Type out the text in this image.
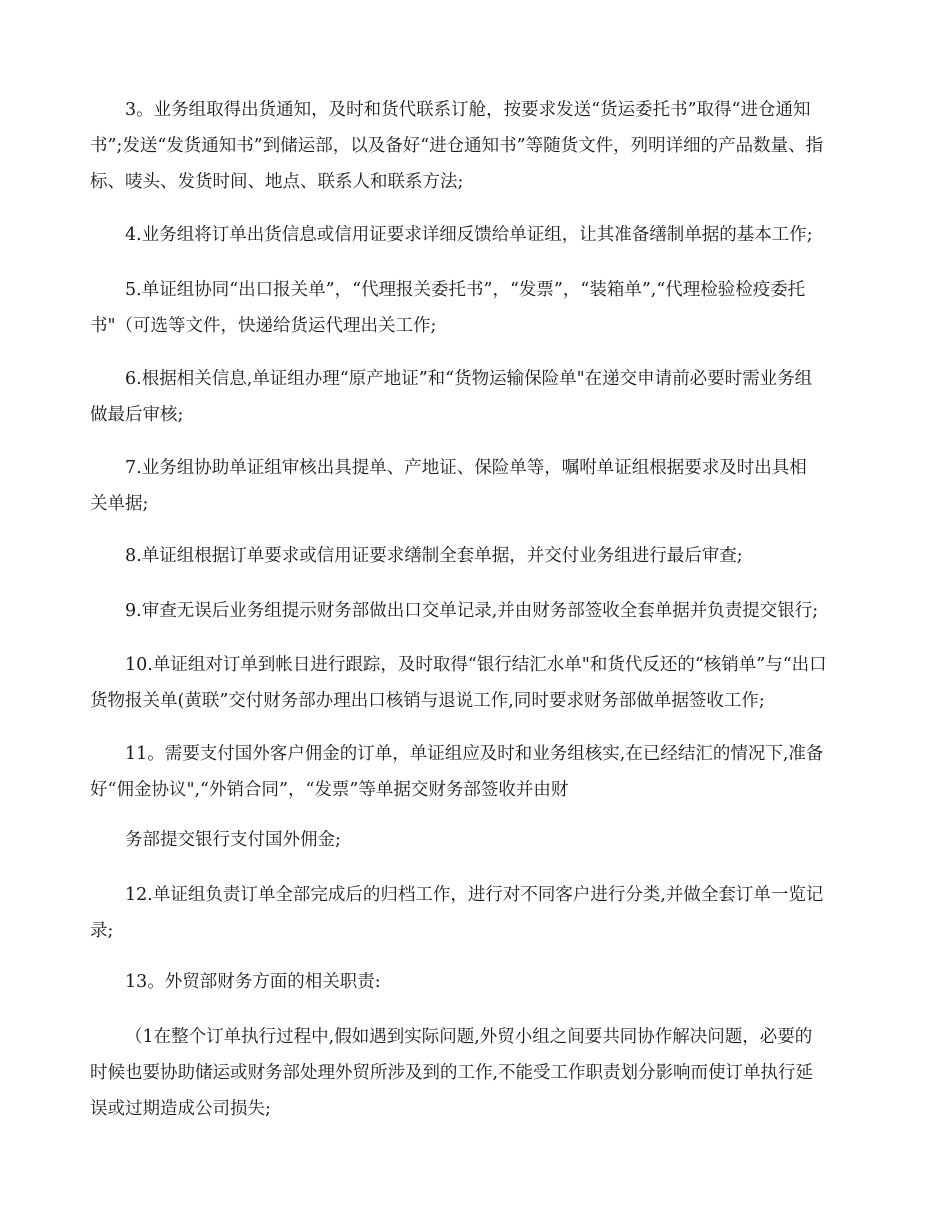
3。业务组取得出货通知，及时和货代联系订舱，按要求发送“货运委托书”取得“进仓通知
书”;发送“发货通知书”到储运部，以及备好“进仓通知书”等随货文件，列明详细的产品数量、指
标、唛头、发货时间、地点、联系人和联系方法;
4.业务组将订单出货信息或信用证要求详细反馈给单证组，让其准备缮制单据的基本工作;
5.单证组协同“出口报关单”，“代理报关委托书”，“发票”，“装箱单”,“代理检验检疫委托
书"（可选等文件，快递给货运代理出关工作;
6.根据相关信息,单证组办理“原产地证”和“货物运输保险单"在递交申请前必要时需业务组
做最后审核;
7.业务组协助单证组审核出具提单、产地证、保险单等，嘱咐单证组根据要求及时出具相
关单据;
8.单证组根据订单要求或信用证要求缮制全套单据，并交付业务组进行最后审查;
9.审查无误后业务组提示财务部做出口交单记录,并由财务部签收全套单据并负责提交银行;
10.单证组对订单到帐日进行跟踪，及时取得“银行结汇水单"和货代反还的“核销单”与“出口
货物报关单(黄联”交付财务部办理出口核销与退说工作,同时要求财务部做单据签收工作;
11。需要支付国外客户佣金的订单，单证组应及时和业务组核实,在已经结汇的情况下,准备
好“佣金协议",“外销合同”，“发票”等单据交财务部签收并由财
务部提交银行支付国外佣金;
12.单证组负责订单全部完成后的归档工作，进行对不同客户进行分类,并做全套订单一览记
录;
13。外贸部财务方面的相关职责:
（1在整个订单执行过程中,假如遇到实际问题,外贸小组之间要共同协作解决问题，必要的
时候也要协助储运或财务部处理外贸所涉及到的工作,不能受工作职责划分影响而使订单执行延
误或过期造成公司损失;
